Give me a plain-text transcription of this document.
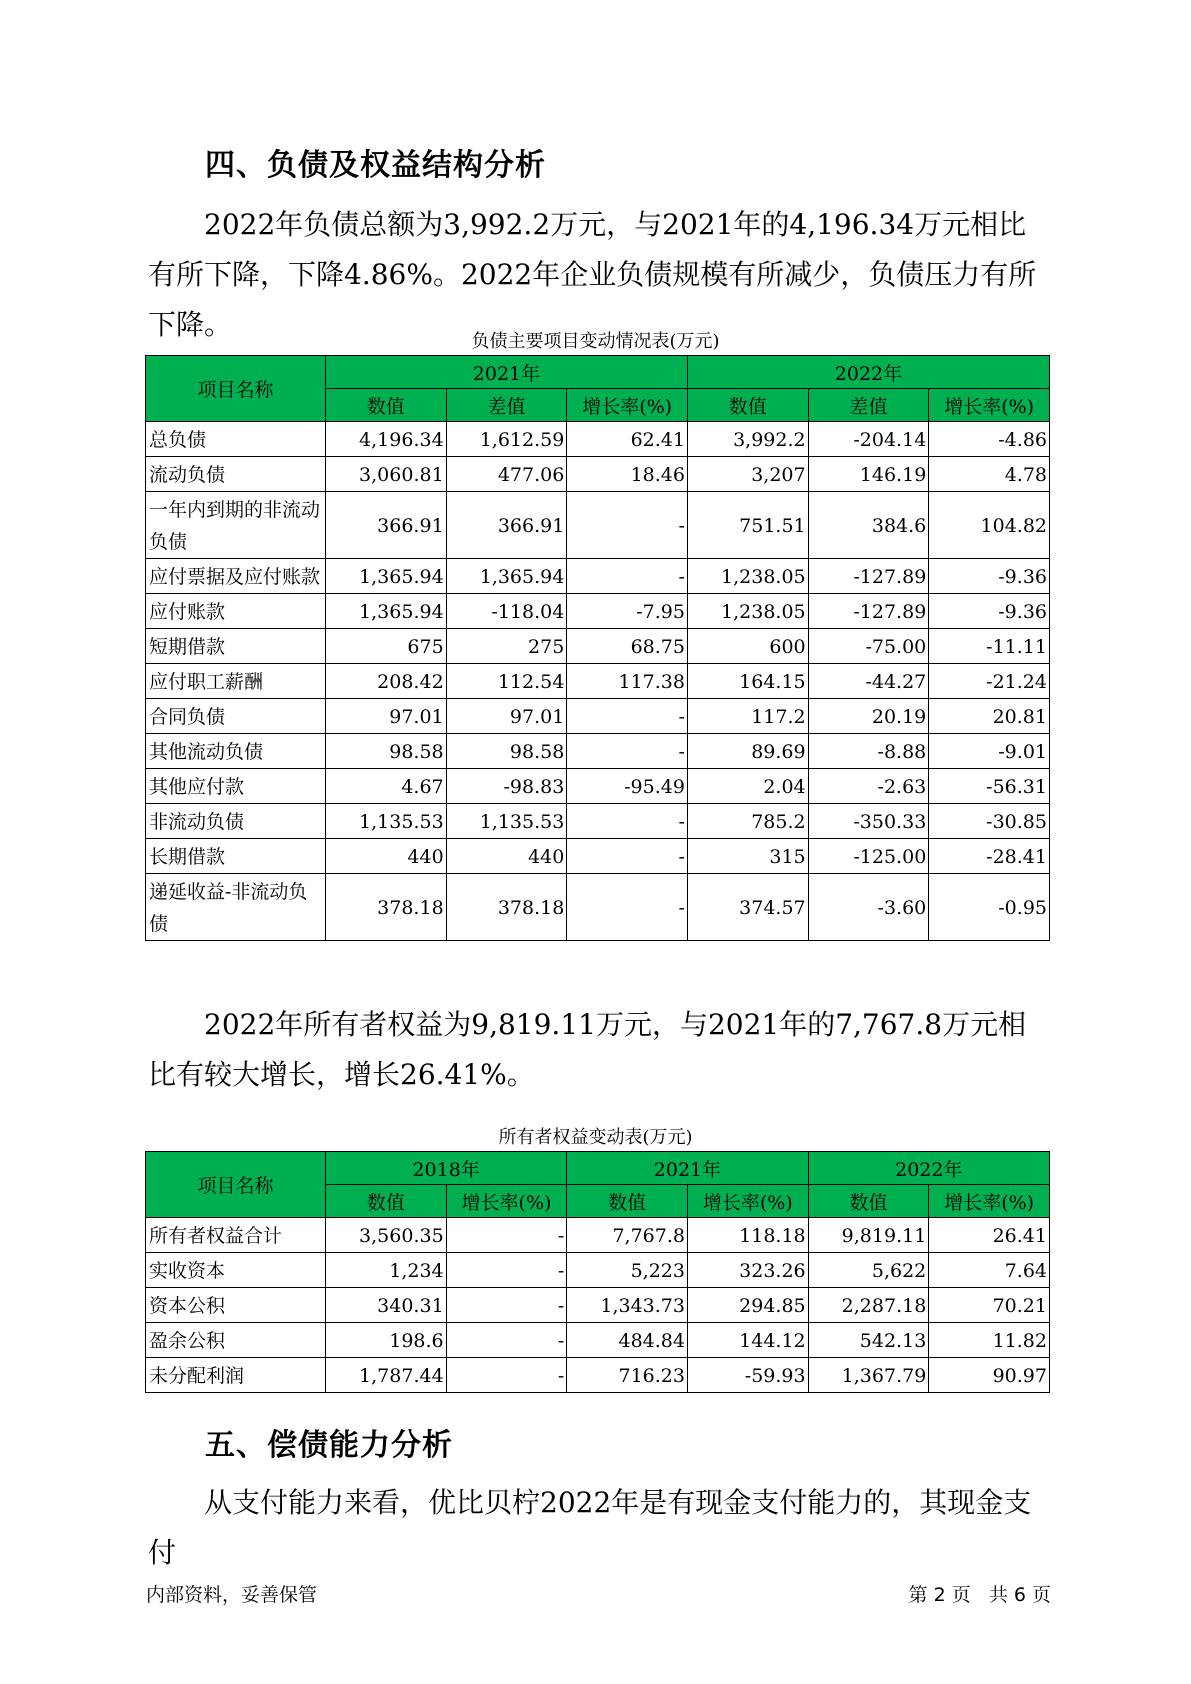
四、负债及权益结构分析

2022年负债总额为3,992.2万元，与2021年的4,196.34万元相比有所下降，下降4.86%。2022年企业负债规模有所减少，负债压力有所下降。

负债主要项目变动情况表(万元)
项目名称	2021年			2022年		
	数值	差值	增长率(%)	数值	差值	增长率(%)
总负债	4,196.34	1,612.59	62.41	3,992.2	-204.14	-4.86
流动负债	3,060.81	477.06	18.46	3,207	146.19	4.78
一年内到期的非流动负债	366.91	366.91	-	751.51	384.6	104.82
应付票据及应付账款	1,365.94	1,365.94	-	1,238.05	-127.89	-9.36
应付账款	1,365.94	-118.04	-7.95	1,238.05	-127.89	-9.36
短期借款	675	275	68.75	600	-75.00	-11.11
应付职工薪酬	208.42	112.54	117.38	164.15	-44.27	-21.24
合同负债	97.01	97.01	-	117.2	20.19	20.81
其他流动负债	98.58	98.58	-	89.69	-8.88	-9.01
其他应付款	4.67	-98.83	-95.49	2.04	-2.63	-56.31
非流动负债	1,135.53	1,135.53	-	785.2	-350.33	-30.85
长期借款	440	440	-	315	-125.00	-28.41
递延收益-非流动负债	378.18	378.18	-	374.57	-3.60	-0.95

2022年所有者权益为9,819.11万元，与2021年的7,767.8万元相比有较大增长，增长26.41%。

所有者权益变动表(万元)
项目名称	2018年		2021年		2022年	
	数值	增长率(%)	数值	增长率(%)	数值	增长率(%)
所有者权益合计	3,560.35	-	7,767.8	118.18	9,819.11	26.41
实收资本	1,234	-	5,223	323.26	5,622	7.64
资本公积	340.31	-	1,343.73	294.85	2,287.18	70.21
盈余公积	198.6	-	484.84	144.12	542.13	11.82
未分配利润	1,787.44	-	716.23	-59.93	1,367.79	90.97
五、偿债能力分析

从支付能力来看，优比贝柠2022年是有现金支付能力的，其现金支付

内部资料，妥善保管	第 2 页   共 6 页
